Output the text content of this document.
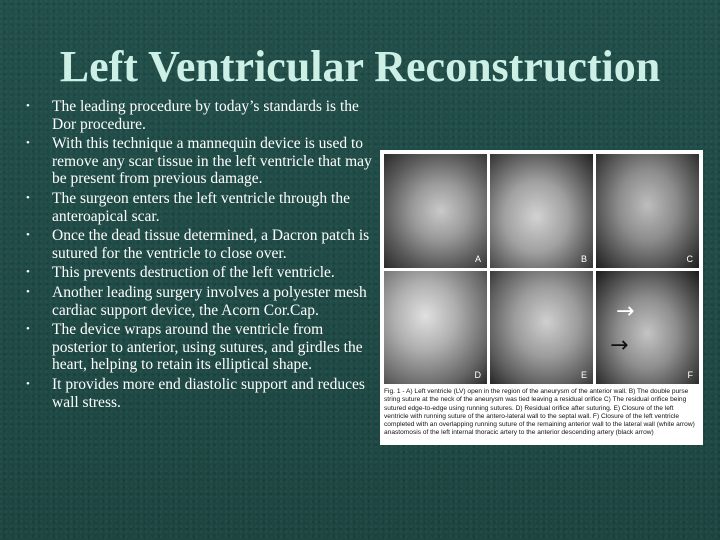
Left Ventricular Reconstruction
• The leading procedure by today’s standards is the Dor procedure.
• With this technique a mannequin device is used to remove any scar tissue in the left ventricle that may be present from previous damage.
• The surgeon enters the left ventricle through the anteroapical scar.
• Once the dead tissue determined, a Dacron patch is sutured for the ventricle to close over.
• This prevents destruction of the left ventricle.
• Another leading surgery involves a polyester mesh cardiac support device, the Acorn Cor.Cap.
• The device wraps around the ventricle from posterior to anterior, using sutures, and girdles the heart, helping to retain its elliptical shape.
• It provides more end diastolic support and reduces wall stress.
A	B	C
D	E
→
→
F
Fig. 1 - A) Left ventricle (LV) open in the region of the aneurysm of the anterior wall. B) The double purse string suture at the neck of the aneurysm was tied leaving a residual orifice C) The residual orifice being sutured edge-to-edge using running sutures. D) Residual orifice after suturing. E) Closure of the left ventricle with running suture of the antero-lateral wall to the septal wall. F) Closure of the left ventricle completed with an overlapping running suture of the remaining anterior wall to the lateral wall (white arrow) anastomosis of the left internal thoracic artery to the anterior descending artery (black arrow)
